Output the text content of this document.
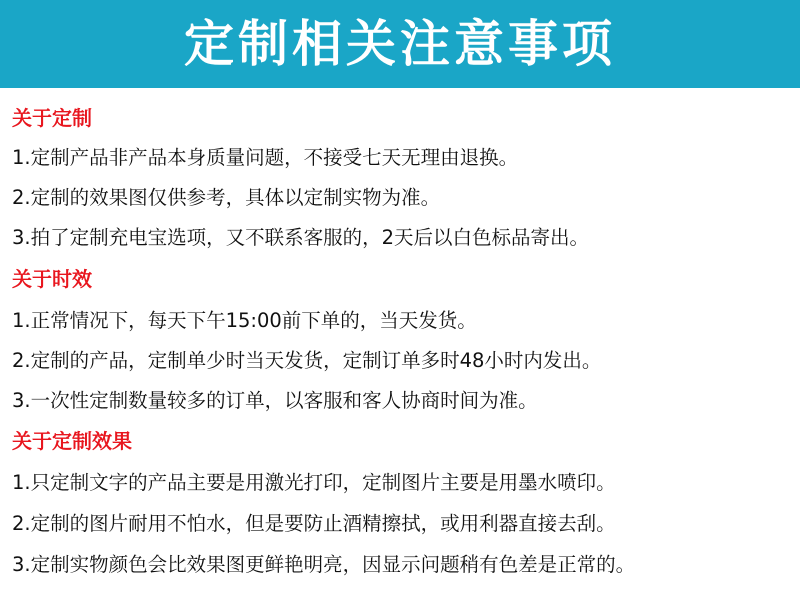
定制相关注意事项
关于定制
1.定制产品非产品本身质量问题，不接受七天无理由退换。
2.定制的效果图仅供参考，具体以定制实物为准。
3.拍了定制充电宝选项，又不联系客服的，2天后以白色标品寄出。
关于时效
1.正常情况下，每天下午15:00前下单的，当天发货。
2.定制的产品，定制单少时当天发货，定制订单多时48小时内发出。
3.一次性定制数量较多的订单，以客服和客人协商时间为准。
关于定制效果
1.只定制文字的产品主要是用激光打印，定制图片主要是用墨水喷印。
2.定制的图片耐用不怕水，但是要防止酒精擦拭，或用利器直接去刮。
3.定制实物颜色会比效果图更鲜艳明亮，因显示问题稍有色差是正常的。
